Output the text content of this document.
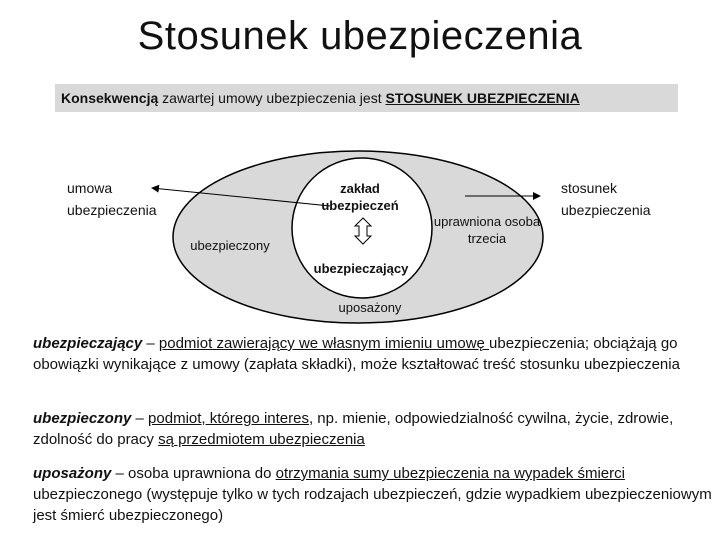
Stosunek ubezpieczenia
Konsekwencją zawartej umowy ubezpieczenia jest STOSUNEK UBEZPIECZENIA
umowa
ubezpieczenia
stosunek
ubezpieczenia
zakład
ubezpieczeń
ubezpieczający
ubezpieczony
uprawniona osoba
trzecia
uposażony
ubezpieczający – podmiot zawierający we własnym imieniu umowę ubezpieczenia; obciążają go obowiązki wynikające z umowy (zapłata składki), może kształtować treść stosunku ubezpieczenia
ubezpieczony – podmiot, którego interes, np. mienie, odpowiedzialność cywilna, życie, zdrowie, zdolność do pracy są przedmiotem ubezpieczenia
uposażony – osoba uprawniona do otrzymania sumy ubezpieczenia na wypadek śmierci ubezpieczonego (występuje tylko w tych rodzajach ubezpieczeń, gdzie wypadkiem ubezpieczeniowym jest śmierć ubezpieczonego)
